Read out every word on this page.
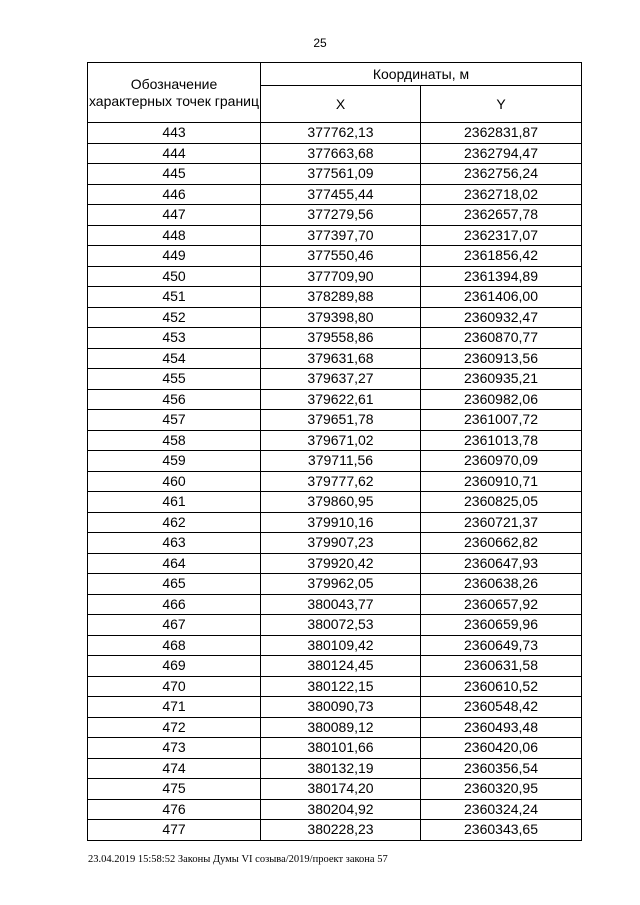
25
Обозначение характерных точек границ	Координаты, м	
	X	Y
443	377762,13	2362831,87
444	377663,68	2362794,47
445	377561,09	2362756,24
446	377455,44	2362718,02
447	377279,56	2362657,78
448	377397,70	2362317,07
449	377550,46	2361856,42
450	377709,90	2361394,89
451	378289,88	2361406,00
452	379398,80	2360932,47
453	379558,86	2360870,77
454	379631,68	2360913,56
455	379637,27	2360935,21
456	379622,61	2360982,06
457	379651,78	2361007,72
458	379671,02	2361013,78
459	379711,56	2360970,09
460	379777,62	2360910,71
461	379860,95	2360825,05
462	379910,16	2360721,37
463	379907,23	2360662,82
464	379920,42	2360647,93
465	379962,05	2360638,26
466	380043,77	2360657,92
467	380072,53	2360659,96
468	380109,42	2360649,73
469	380124,45	2360631,58
470	380122,15	2360610,52
471	380090,73	2360548,42
472	380089,12	2360493,48
473	380101,66	2360420,06
474	380132,19	2360356,54
475	380174,20	2360320,95
476	380204,92	2360324,24
477	380228,23	2360343,65
23.04.2019 15:58:52 Законы Думы VI созыва/2019/проект закона 57
